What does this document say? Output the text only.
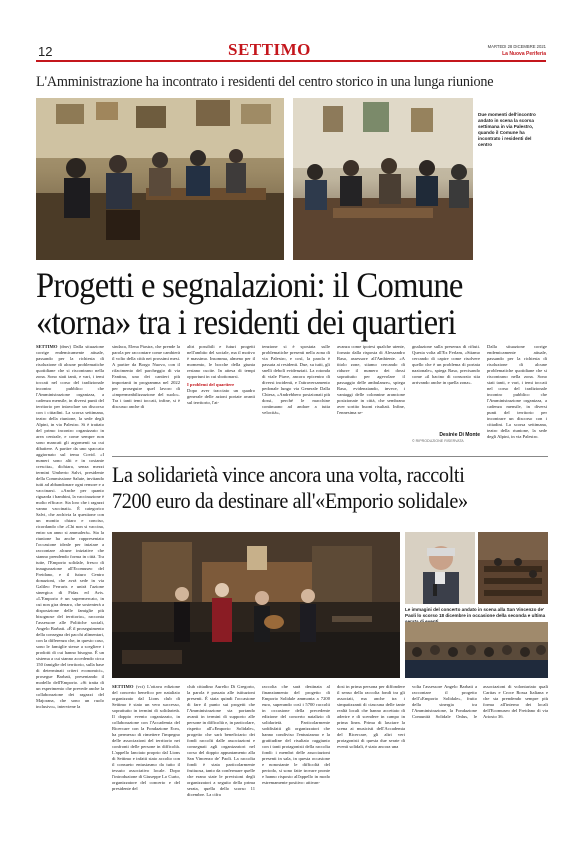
12	SETTIMO	MARTEDI 28 DICEMBRE 2021
La Nuova Periferia
L'Amministrazione ha incontrato i residenti del centro storico in una lunga riunione
Due momenti dell'incontro andato in scena la scorsa settimana in via Palestro, quando il Comune ha incontrato i residenti del centro
Progetti e segnalazioni: il Comune
«torna» tra i residenti dei quartieri
SETTIMO (dmv) Dalla situazione corrige endemicamente attuale, passando per la richiesta di risoluzione di alcune problematiche quotidiane che si riscontrano nella zona. Sono stati tanti, e vari, i temi toccati nel corso del tradizionale incontro pubblico che l'Amministrazione organizza, a cadenza mensile, in diversi punti del territorio per intavolare un discorso con i cittadini. La scorsa settimana, teatro della riunione, la sede degli Alpini, in via Palestro. Si è trattato del primo incontro organizzato in area centrale, e come sempre non sono mancati gli argomenti su cui dibattere. A partire da uno spaccato aggiornato sul tema Covid. «I numeri sono alti e in costante crescita», dichiara, senza mezzi termini Umberto Salvi, presidente della Commissione Salute, invitando tutti ad abbandonare ogni remore e a vaccinarsi. «Anche per quanto riguarda i bambini, la vaccinazione è molto efficace. Sia loro che i ragazzi vanno vaccinati». È categorico Salvi, che archivia la questione con un monito chiaro e conciso, ricordando che «Chi non si vaccina, entro un anno si ammalerà». Sta la riunione ha anche rappresentato l'occasione ideale per iniziare a raccontare alcune iniziative che stanno prendendo forma in città. Tra tutte, l'Emporio solidale, fresco di inaugurazione all'Ecomuseo del Freidano, e il futuro Centro donazioni, che avrà sede in via Galileo Ferraris e unirà l'azione sinergica di Fidas ed Avis. «L'Emporio è un supermercato, in cui non gira denaro, che sostenterà a disposizione delle famiglie più bisognose del territorio», racconta l'assessore alle Politiche sociali, Angelo Barbati. «È il proseguimento della consegna dei pacchi alimentari, con la differenza che, in questo caso, sono le famiglie stesse a scegliere i prodotti di cui hanno bisogno. È un sistema a cui stanno accedendo circa 150 famiglie del territorio, sulla base di determinati criteri economici», prosegue Barbati, presentando il modello dell'Emporio. «Si tratta di un esperimento che prevede anche la collaborazione dei ragazzi del Majorana, che sono un ruolo inclusivo», interviene la
sindaca, Elena Piastra, che prende la parola per raccontare come cambierà il volto della città nei prossimi mesi. A partire da Borgo Nuovo, con il rifacimento del parcheggio di via Fantina, uno dei cantieri più importanti in programma nel 2022 per proseguire quel lavoro di «impermeabilizzazione del suolo». Tra i tanti temi toccati, infine, si è discusso anche di
altri possibili e futuri progetti nell'ambito del sociale, ma il motivo è massimo. Insomma, almeno per il momento, le bocche della giunta restano cucite. In attesa di tempi opportuni in cui sbottonarsi.
I problemi del quartiere
Dopo aver tracciato un quadro generale delle azioni portate avanti sul territorio, l'at-
tenzione si è spostata sulle problematiche presenti nella zona di via Palestro, e così, la parola è passata ai residenti. Due, su tutti, gli snelli debolì evidenziati. La rotonda di viale Piave, ancora epicentro di diversi incidenti, e l'attraversamento pedonale lungo via Generale Dalla Chiesa, «Andrebbero posizionati più dossi, perché le macchine continuano ad andare a tutta velocità»,
avanza come ipotesi qualche utente, fornato dalla risposta di Alessandro Raso, assessore all'Ambiente. «A titolo zone, stiamo cercando di ridurre il numero dei dossi soprattutto per agevolare il passaggio delle ambulanze», spiega Raso, evidenziando, invece, i vantaggi delle colonnine arancione posizionate in città, che sembrano aver sortito buoni risultati. Infine, l'ennesima se-
gnalazione sulla presenza di rifiuti. Questa volta all'Ex Ferlam, «Stiamo cercando di capire come risolvere quello che è un problema di portata nazionale», spiega Raso, precisando come «il bacino di consorzio stia arrivando anche in quella zona».
Desirée Di Monte
© RIPRODUZIONE RISERVATA
Dalla situazione corrige endemicamente attuale, passando per la richiesta di risoluzione di alcune problematiche quotidiane che si riscontrano nella zona. Sono stati tanti, e vari, i temi toccati nel corso del tradizionale incontro pubblico che l'Amministrazione organizza, a cadenza mensile, in diversi punti del territorio per incontrare un discorso con i cittadini. La scorsa settimana, teatro della riunione, la sede degli Alpini, in via Palestro.
La solidarietà vince ancora una volta, raccolti
7200 euro da destinare all'«Emporio solidale»
Le immagini del concerto andato in scena alla San Vincenzo de' Paoli lo scorso 18 dicembre in occasione della seconda e ultima
SETTIMO (vct) L'ottava edizione del concerto benefico per natalizio organizzato dal Lions club di Settimo è stato un vero successo, soprattutto in termini di solidarietà. Il doppio evento organizzato, in collaborazione con l'Accademia del Ricercare con la Fondazione Ecm, ha permesso di rimettere l'impegno delle associazioni del territorio nei confronti delle persone in difficoltà. L'appello lanciato proprio dal Lions di Settimo e infatti stato accolto con il consueto entusiasmo da tutto il tessuto associativo locale. Dopo l'introduzione di Giuseppe Lo Curto, organizzatore del concerto e del presidente del
club cittadino Aurelio Di Gregorio, la parola è passata alle istituzioni presenti. È stata quindi l'occasione di fare il punto sui progetti che l'Amministrazione sta portando avanti in termini di supporto alle persone in difficoltà e, in particolare, rispetto all'«Emporio Solidale», progetto che sarà beneficiario dei fondi raccolti dalle associazioni e consegnati agli organizzatori nel corso del doppio appuntamento alla San Vincenzo de' Paoli. La raccolta fondi è stata particolarmente fruttuosa, tanto da confermare quelle che erano state le previsioni degli organizzatori a seguito della prima serata, quella dello scorso 11 dicembre. La cifra
raccolta che sarà destinata al finanziamento del progetto di Emporio Solidale ammonta a 7200 euro, superando così i 5700 raccolti in occasione della precedente edizione del concerto natalizio di solidarietà. Particolarmente soddisfatti gli organizzatori che hanno condiviso l'entusiasmo e la gratitudine del risultato raggiunto con i tanti protagonisti della raccolta fondi: i membri delle associazioni presenti in sala, in questa occasione e nonostante le difficoltà del periodo, si sono fatte trovare pronte e hanno risposto all'appello in modo estremamente positivo: attivan-
dosi in prima persona per diffondere il senso della raccolta fondi tra gli associati, ma anche tra i simpatizzanti di ciascuna delle tante realtà locali che hanno accettato di aderire e di scendere in campo in prima linea. Prima di lasciare la scena ai musicisti dell'Accademia del Ricercare, gli altri veri protagonisti di questa due serate di eventi solidali, è stato ancora una
volta l'assessore Angelo Barbati a raccontare il progetto dell'«Emporio Solidale», frutto della sinergia tra l'Amministrazione, la Fondazione Comunità Solidale Onlus, le associazioni di volontariato quali Caritas e Croce Rossa Italiana e che sta prendendo sempre più forma all'interno dei locali dell'Ecomuseo del Freidano di via Ariosto 36.
